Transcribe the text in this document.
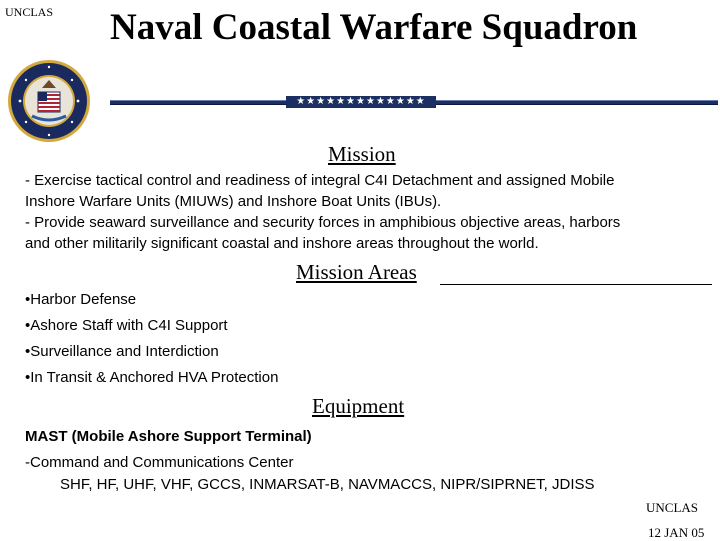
UNCLAS Naval Coastal Warfare Squadron
★★★★★★★★★★★★★
Mission
- Exercise tactical control and readiness of integral C4I Detachment and assigned Mobile
Inshore Warfare Units (MIUWs) and Inshore Boat Units (IBUs).
- Provide seaward surveillance and security forces in amphibious objective areas, harbors
and other militarily significant coastal and inshore areas throughout the world.
Mission Areas
•Harbor Defense
•Ashore Staff with C4I Support
•Surveillance and Interdiction
•In Transit & Anchored HVA Protection
Equipment
MAST (Mobile Ashore Support Terminal)
-Command and Communications Center
SHF, HF, UHF, VHF, GCCS, INMARSAT-B, NAVMACCS, NIPR/SIPRNET, JDISS
UNCLAS
12 JAN 05
